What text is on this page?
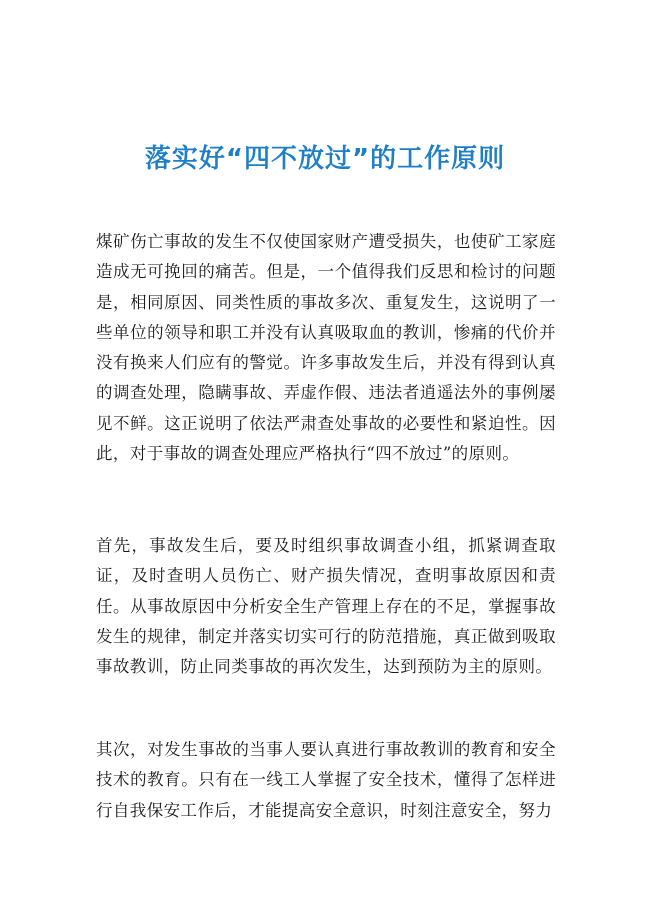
落实好“四不放过”的工作原则

煤矿伤亡事故的发生不仅使国家财产遭受损失，也使矿工家庭造成无可挽回的痛苦。但是，一个值得我们反思和检讨的问题是，相同原因、同类性质的事故多次、重复发生，这说明了一些单位的领导和职工并没有认真吸取血的教训，惨痛的代价并没有换来人们应有的警觉。许多事故发生后，并没有得到认真的调查处理，隐瞒事故、弄虚作假、违法者逍遥法外的事例屡见不鲜。这正说明了依法严肃查处事故的必要性和紧迫性。因此，对于事故的调查处理应严格执行“四不放过”的原则。

首先，事故发生后，要及时组织事故调查小组，抓紧调查取证，及时查明人员伤亡、财产损失情况，查明事故原因和责任。从事故原因中分析安全生产管理上存在的不足，掌握事故发生的规律，制定并落实切实可行的防范措施，真正做到吸取事故教训，防止同类事故的再次发生，达到预防为主的原则。

其次，对发生事故的当事人要认真进行事故教训的教育和安全技术的教育。只有在一线工人掌握了安全技术，懂得了怎样进行自我保安工作后，才能提高安全意识，时刻注意安全，努力
